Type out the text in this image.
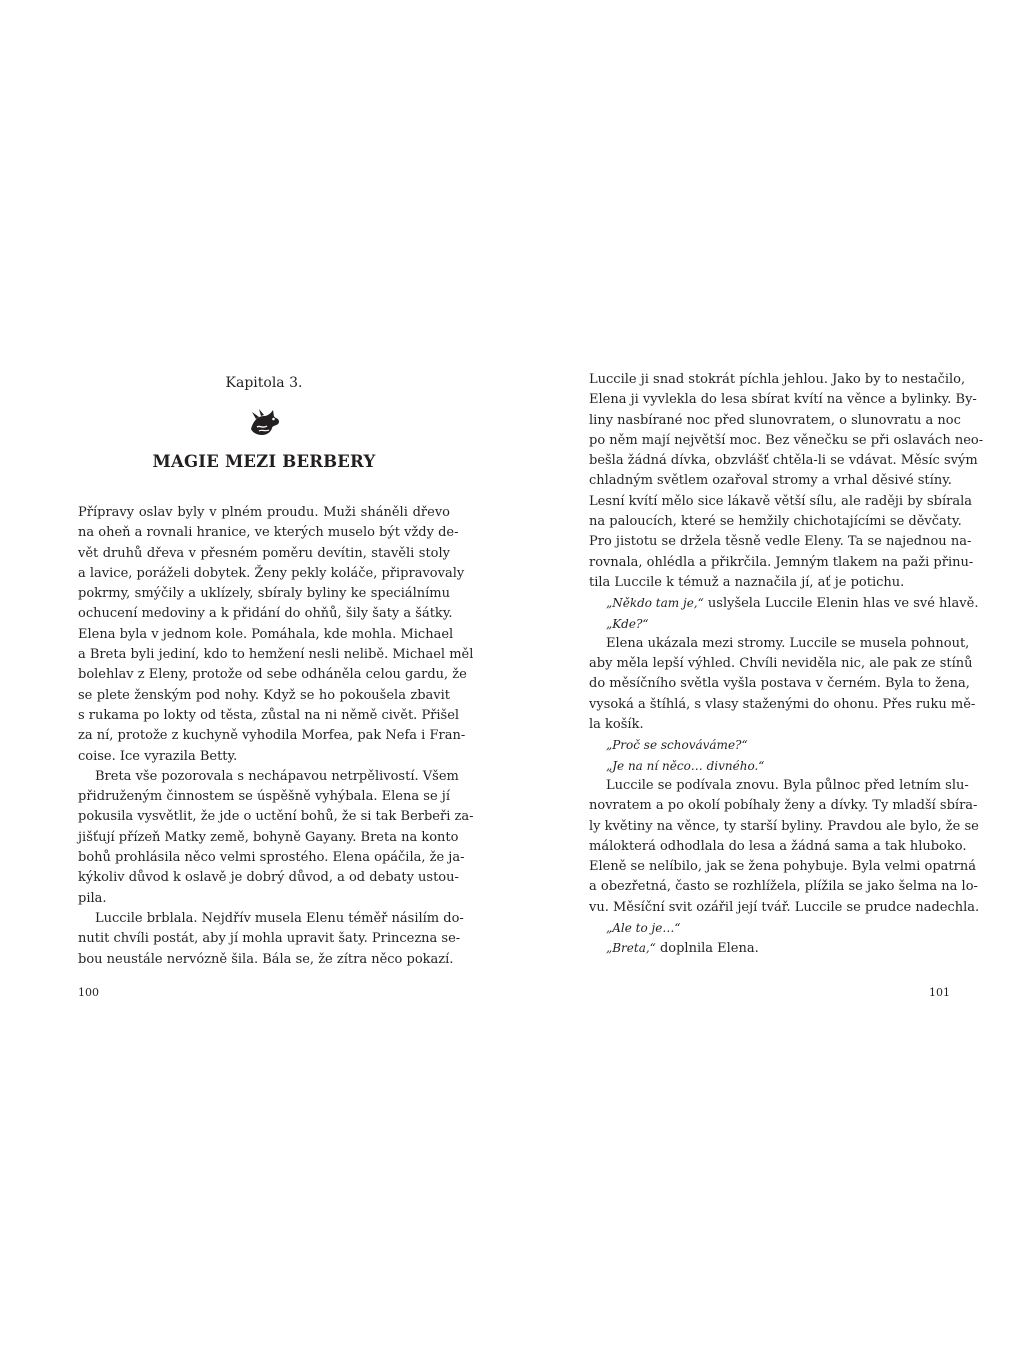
Kapitola 3.
MAGIE MEZI BERBERY
Přípravy oslav byly v plném proudu. Muži sháněli dřevo
na oheň a rovnali hranice, ve kterých muselo být vždy de-
vět druhů dřeva v přesném poměru devítin, stavěli stoly
a lavice, poráželi dobytek. Ženy pekly koláče, připravovaly
pokrmy, smýčily a uklízely, sbíraly byliny ke speciálnímu
ochucení medoviny a k přidání do ohňů, šily šaty a šátky.
Elena byla v jednom kole. Pomáhala, kde mohla. Michael
a Breta byli jediní, kdo to hemžení nesli nelibě. Michael měl
bolehlav z Eleny, protože od sebe odháněla celou gardu, že
se plete ženským pod nohy. Když se ho pokoušela zbavit
s rukama po lokty od těsta, zůstal na ni němě civět. Přišel
za ní, protože z kuchyně vyhodila Morfea, pak Nefa i Fran-
coise. Ice vyrazila Betty.
Breta vše pozorovala s nechápavou netrpělivostí. Všem
přidruženým činnostem se úspěšně vyhýbala. Elena se jí
pokusila vysvětlit, že jde o uctění bohů, že si tak Berbeři za-
jišťují přízeň Matky země, bohyně Gayany. Breta na konto
bohů prohlásila něco velmi sprostého. Elena opáčila, že ja-
kýkoliv důvod k oslavě je dobrý důvod, a od debaty ustou-
pila.
Luccile brblala. Nejdřív musela Elenu téměř násilím do-
nutit chvíli postát, aby jí mohla upravit šaty. Princezna se-
bou neustále nervózně šila. Bála se, že zítra něco pokazí.
Luccile ji snad stokrát píchla jehlou. Jako by to nestačilo,
Elena ji vyvlekla do lesa sbírat kvítí na věnce a bylinky. By-
liny nasbírané noc před slunovratem, o slunovratu a noc
po něm mají největší moc. Bez věnečku se při oslavách neo-
bešla žádná dívka, obzvlášť chtěla-li se vdávat. Měsíc svým
chladným světlem ozařoval stromy a vrhal děsivé stíny.
Lesní kvítí mělo sice lákavě větší sílu, ale raději by sbírala
na paloucích, které se hemžily chichotajícími se děvčaty.
Pro jistotu se držela těsně vedle Eleny. Ta se najednou na-
rovnala, ohlédla a přikrčila. Jemným tlakem na paži přinu-
tila Luccile k témuž a naznačila jí, ať je potichu.
„Někdo tam je,“ uslyšela Luccile Elenin hlas ve své hlavě.
„Kde?“
Elena ukázala mezi stromy. Luccile se musela pohnout,
aby měla lepší výhled. Chvíli neviděla nic, ale pak ze stínů
do měsíčního světla vyšla postava v černém. Byla to žena,
vysoká a štíhlá, s vlasy staženými do ohonu. Přes ruku mě-
la košík.
„Proč se schováváme?“
„Je na ní něco… divného.“
Luccile se podívala znovu. Byla půlnoc před letním slu-
novratem a po okolí pobíhaly ženy a dívky. Ty mladší sbíra-
ly květiny na věnce, ty starší byliny. Pravdou ale bylo, že se
málokterá odhodlala do lesa a žádná sama a tak hluboko.
Eleně se nelíbilo, jak se žena pohybuje. Byla velmi opatrná
a obezřetná, často se rozhlížela, plížila se jako šelma na lo-
vu. Měsíční svit ozářil její tvář. Luccile se prudce nadechla.
„Ale to je…“
„Breta,“ doplnila Elena.
100	101
